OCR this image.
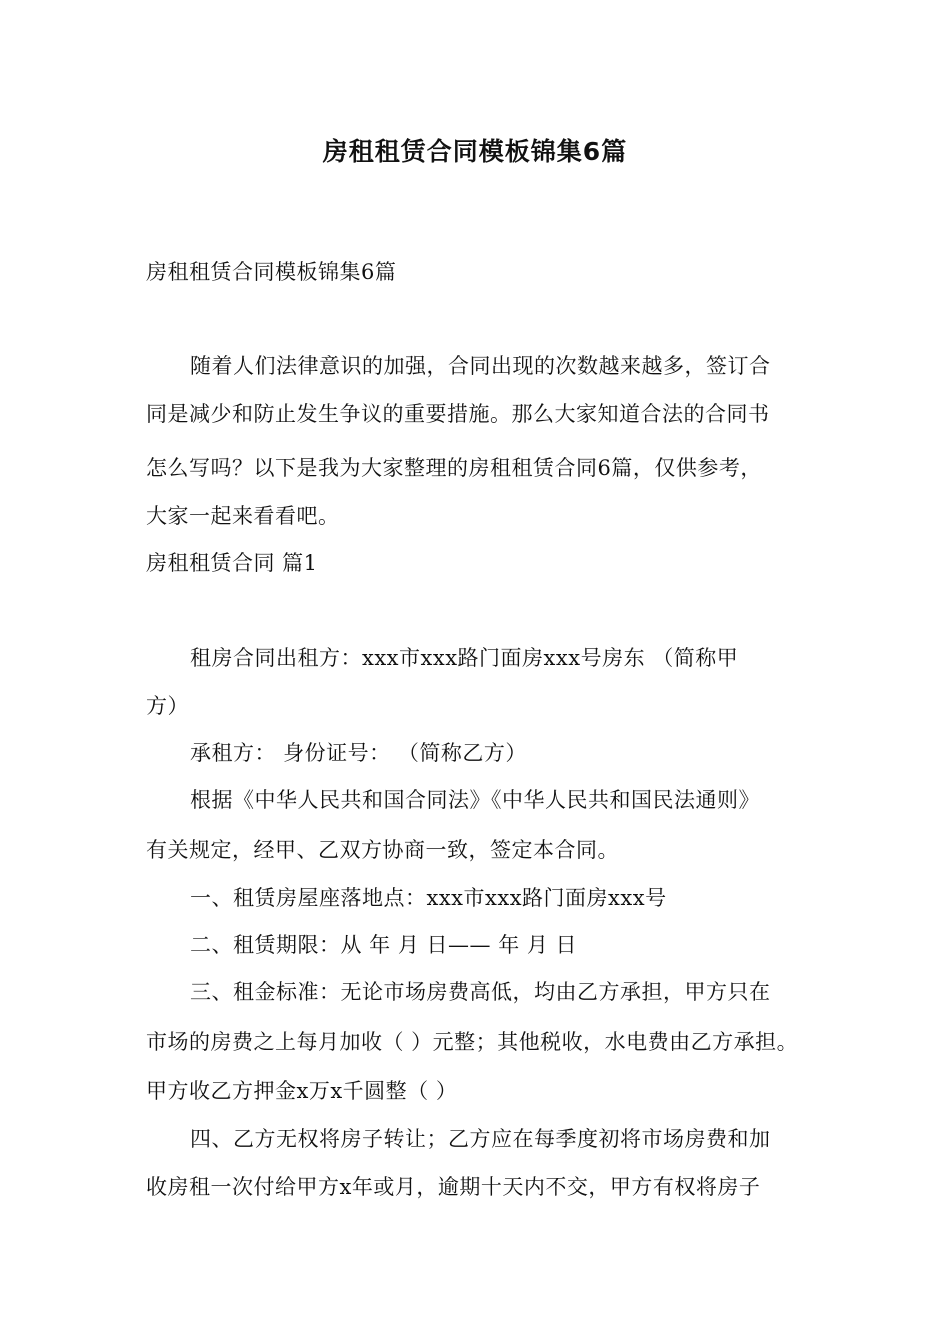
房租租赁合同模板锦集6篇
房租租赁合同模板锦集6篇
随着人们法律意识的加强，合同出现的次数越来越多，签订合
同是减少和防止发生争议的重要措施。那么大家知道合法的合同书
怎么写吗？以下是我为大家整理的房租租赁合同6篇，仅供参考，
大家一起来看看吧。
房租租赁合同 篇1
租房合同出租方：xxx市xxx路门面房xxx号房东 （简称甲
方）
承租方： 身份证号： （简称乙方）
根据《中华人民共和国合同法》《中华人民共和国民法通则》
有关规定，经甲、乙双方协商一致，签定本合同。
一、租赁房屋座落地点：xxx市xxx路门面房xxx号
二、租赁期限：从 年 月 日—— 年 月 日
三、租金标准：无论市场房费高低，均由乙方承担，甲方只在
市场的房费之上每月加收（ ）元整；其他税收，水电费由乙方承担。
甲方收乙方押金x万x千圆整（ ）
四、乙方无权将房子转让；乙方应在每季度初将市场房费和加
收房租一次付给甲方x年或月，逾期十天内不交，甲方有权将房子
